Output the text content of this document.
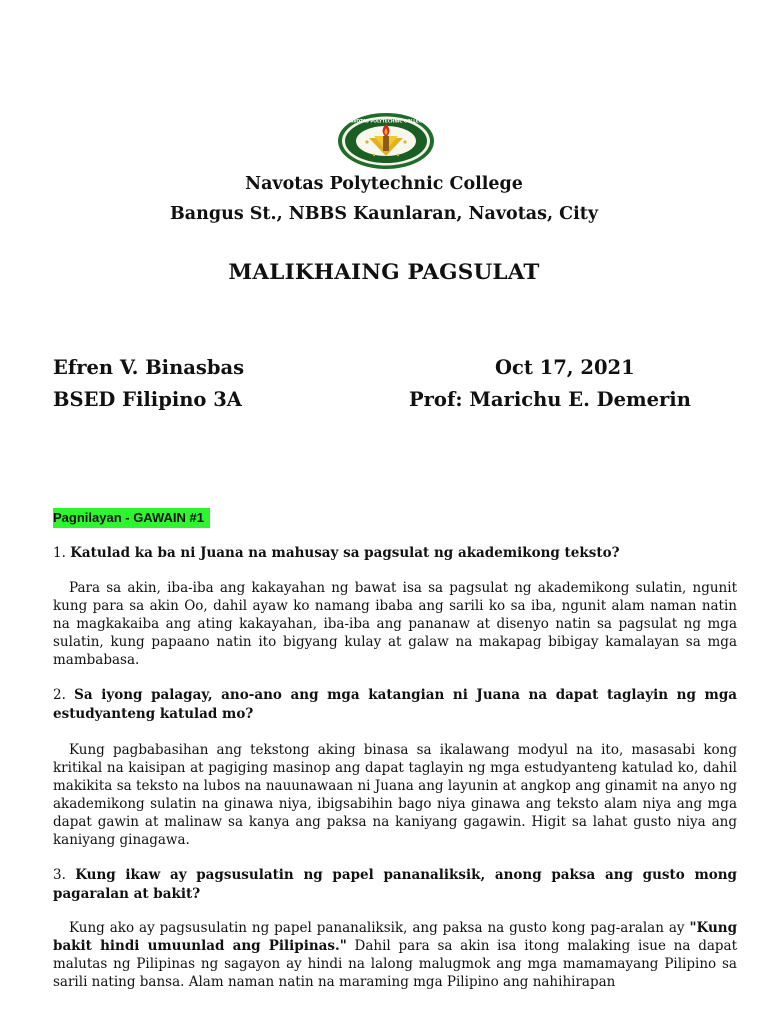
NAVOTAS POLYTECHNIC COLLEGE
Navotas Polytechnic College
Bangus St., NBBS Kaunlaran, Navotas, City
MALIKHAING PAGSULAT
Efren V. Binasbas	Oct 17, 2021
BSED Filipino 3A	Prof: Marichu E. Demerin
Pagnilayan - GAWAIN #1
1. Katulad ka ba ni Juana na mahusay sa pagsulat ng akademikong teksto?
Para sa akin, iba-iba ang kakayahan ng bawat isa sa pagsulat ng akademikong sulatin, ngunit kung para sa akin Oo, dahil ayaw ko namang ibaba ang sarili ko sa iba, ngunit alam naman natin na magkakaiba ang ating kakayahan, iba-iba ang pananaw at disenyo natin sa pagsulat ng mga sulatin, kung papaano natin ito bigyang kulay at galaw na makapag bibigay kamalayan sa mga mambabasa.
2. Sa iyong palagay, ano-ano ang mga katangian ni Juana na dapat taglayin ng mga estudyanteng katulad mo?
Kung pagbabasihan ang tekstong aking binasa sa ikalawang modyul na ito, masasabi kong kritikal na kaisipan at pagiging masinop ang dapat taglayin ng mga estudyanteng katulad ko, dahil makikita sa teksto na lubos na nauunawaan ni Juana ang layunin at angkop ang ginamit na anyo ng akademikong sulatin na ginawa niya, ibigsabihin bago niya ginawa ang teksto alam niya ang mga dapat gawin at malinaw sa kanya ang paksa na kaniyang gagawin. Higit sa lahat gusto niya ang kaniyang ginagawa.
3. Kung ikaw ay pagsusulatin ng papel pananaliksik, anong paksa ang gusto mong pagaralan at bakit?
Kung ako ay pagsusulatin ng papel pananaliksik, ang paksa na gusto kong pag-aralan ay "Kung bakit hindi umuunlad ang Pilipinas." Dahil para sa akin isa itong malaking isue na dapat malutas ng Pilipinas ng sagayon ay hindi na lalong malugmok ang mga mamamayang Pilipino sa sarili nating bansa. Alam naman natin na maraming mga Pilipino ang nahihirapan
